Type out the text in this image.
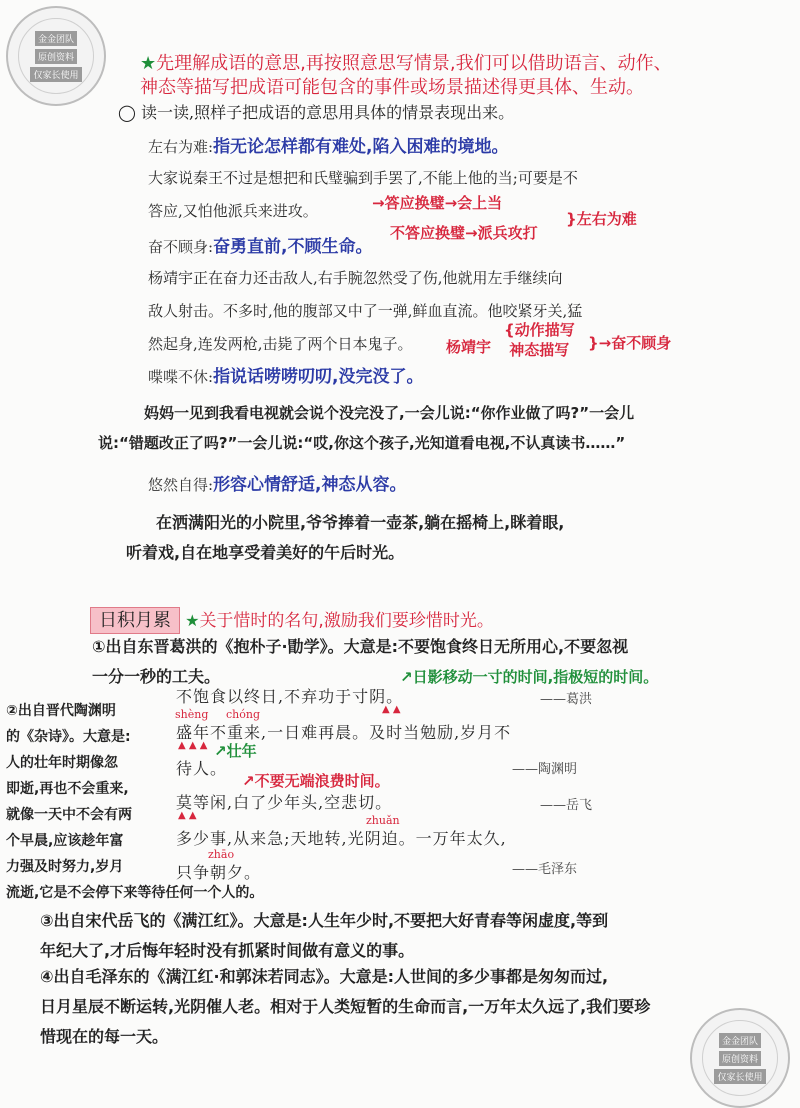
金金团队
原创资料
仅家长使用
金金团队
原创资料
仅家长使用
★先理解成语的意思,再按照意思写情景,我们可以借助语言、动作、神态等描写把成语可能包含的事件或场景描述得更具体、生动。
◯ 读一读,照样子把成语的意思用具体的情景表现出来。
左右为难:指无论怎样都有难处,陷入困难的境地。
大家说秦王不过是想把和氏璧骗到手罢了,不能上他的当;可要是不
答应,又怕他派兵来进攻。	→答应换璧→会上当
不答应换璧→派兵攻打
}左右为难
奋不顾身:奋勇直前,不顾生命。
杨靖宇正在奋力还击敌人,右手腕忽然受了伤,他就用左手继续向
敌人射击。不多时,他的腹部又中了一弹,鲜血直流。他咬紧牙关,猛
然起身,连发两枪,击毙了两个日本鬼子。	杨靖宇
{动作描写
神态描写	}→奋不顾身
喋喋不休:指说话唠唠叨叨,没完没了。
妈妈一见到我看电视就会说个没完没了,一会儿说:“你作业做了吗?”一会儿
说:“错题改正了吗?”一会儿说:“哎,你这个孩子,光知道看电视,不认真读书……”
悠然自得:形容心情舒适,神态从容。
在洒满阳光的小院里,爷爷捧着一壶茶,躺在摇椅上,眯着眼,
听着戏,自在地享受着美好的午后时光。
日积月累 ★关于惜时的名句,激励我们要珍惜时光。
①出自东晋葛洪的《抱朴子·勖学》。大意是:不要饱食终日无所用心,不要忽视
一分一秒的工夫。	↗日影移动一寸的时间,指极短的时间。
不饱食以终日,不弃功于寸阴。	——葛洪
▲ ▲
②出自晋代陶渊明
的《杂诗》。大意是:
人的壮年时期像忽
即逝,再也不会重来,
就像一天中不会有两
个早晨,应该趁年富
力强及时努力,岁月
流逝,它是不会停下来等待任何一个人的。
shèng chóng
盛年不重来,一日难再晨。及时当勉励,岁月不
▲ ▲ ▲ ↗壮年
待人。	——陶渊明
↗不要无端浪费时间。
莫等闲,白了少年头,空悲切。	——岳飞
▲ ▲	zhuǎn
多少事,从来急;天地转,光阴迫。一万年太久,
zhāo
只争朝夕。	——毛泽东
③出自宋代岳飞的《满江红》。大意是:人生年少时,不要把大好青春等闲虚度,等到
年纪大了,才后悔年轻时没有抓紧时间做有意义的事。
④出自毛泽东的《满江红·和郭沫若同志》。大意是:人世间的多少事都是匆匆而过,
日月星辰不断运转,光阴催人老。相对于人类短暂的生命而言,一万年太久远了,我们要珍
惜现在的每一天。
